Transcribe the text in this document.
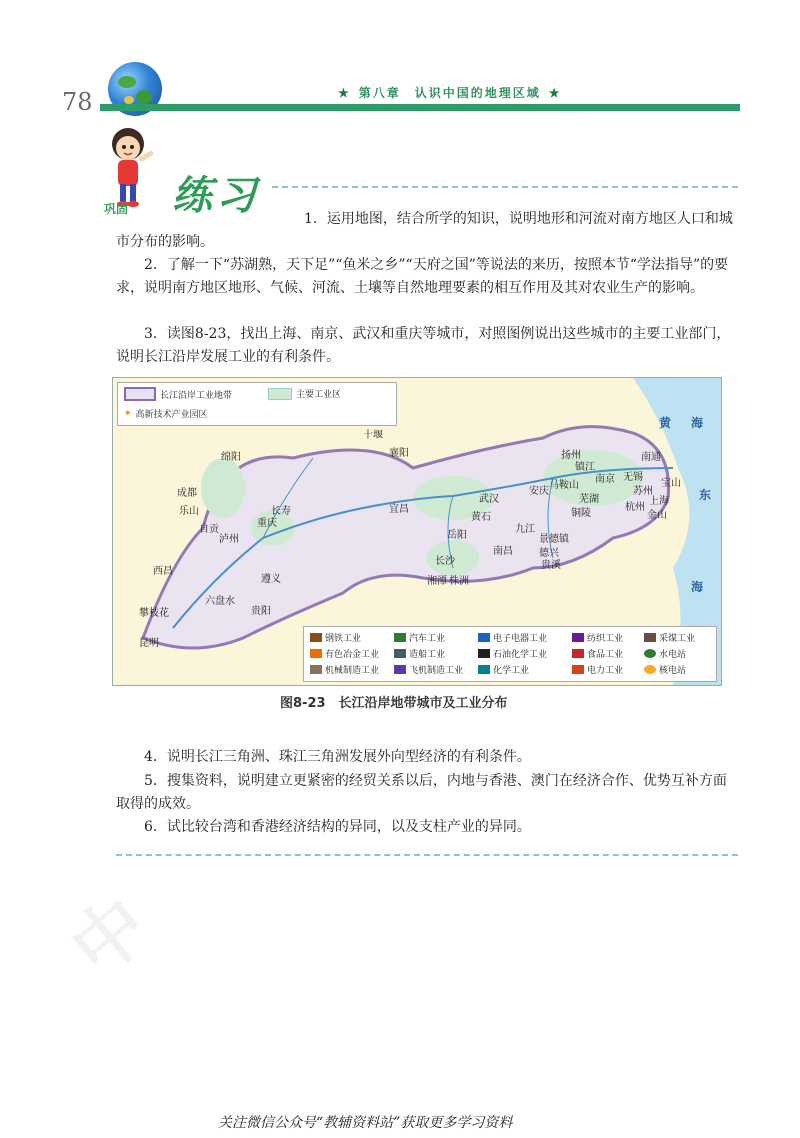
78	★ 第八章　认识中国的地理区域 ★
巩固 练习	1．运用地图，结合所学的知识，说明地形和河流对南方地区人口和城市分布的影响。
2．了解一下“苏湖熟，天下足”“鱼米之乡”“天府之国”等说法的来历，按照本节“学法指导”的要求，说明南方地区地形、气候、河流、土壤等自然地理要素的相互作用及其对农业生产的影响。
3．读图8-23，找出上海、南京、武汉和重庆等城市，对照图例说出这些城市的主要工业部门，说明长江沿岸发展工业的有利条件。
长江沿岸工业地带	主要工业区
✷ 高新技术产业园区
黄 海
东
海
扬州	南通
镇江
南京 无锡
马鞍山
苏州
上海
芜湖
宝山
铜陵
杭州
金山
十堰
襄阳
武汉
黄石
九江
安庆
宜昌
景德镇
德兴
绵阳
成都
乐山
自贡
泸州
重庆
长寿
岳阳
长沙
南昌
贵溪
湘潭 株洲
西昌
遵义
六盘水
贵阳
攀枝花
昆明	钢铁工业	汽车工业	电子电器工业	纺织工业	采煤工业
有色冶金工业	造船工业	石油化学工业	食品工业	水电站
机械制造工业	飞机制造工业	化学工业	电力工业	核电站
图8-23　长江沿岸地带城市及工业分布
4．说明长江三角洲、珠江三角洲发展外向型经济的有利条件。
5．搜集资料，说明建立更紧密的经贸关系以后，内地与香港、澳门在经济合作、优势互补方面取得的成效。
6．试比较台湾和香港经济结构的异同，以及支柱产业的异同。
中
关注微信公众号“教辅资料站”获取更多学习资料
